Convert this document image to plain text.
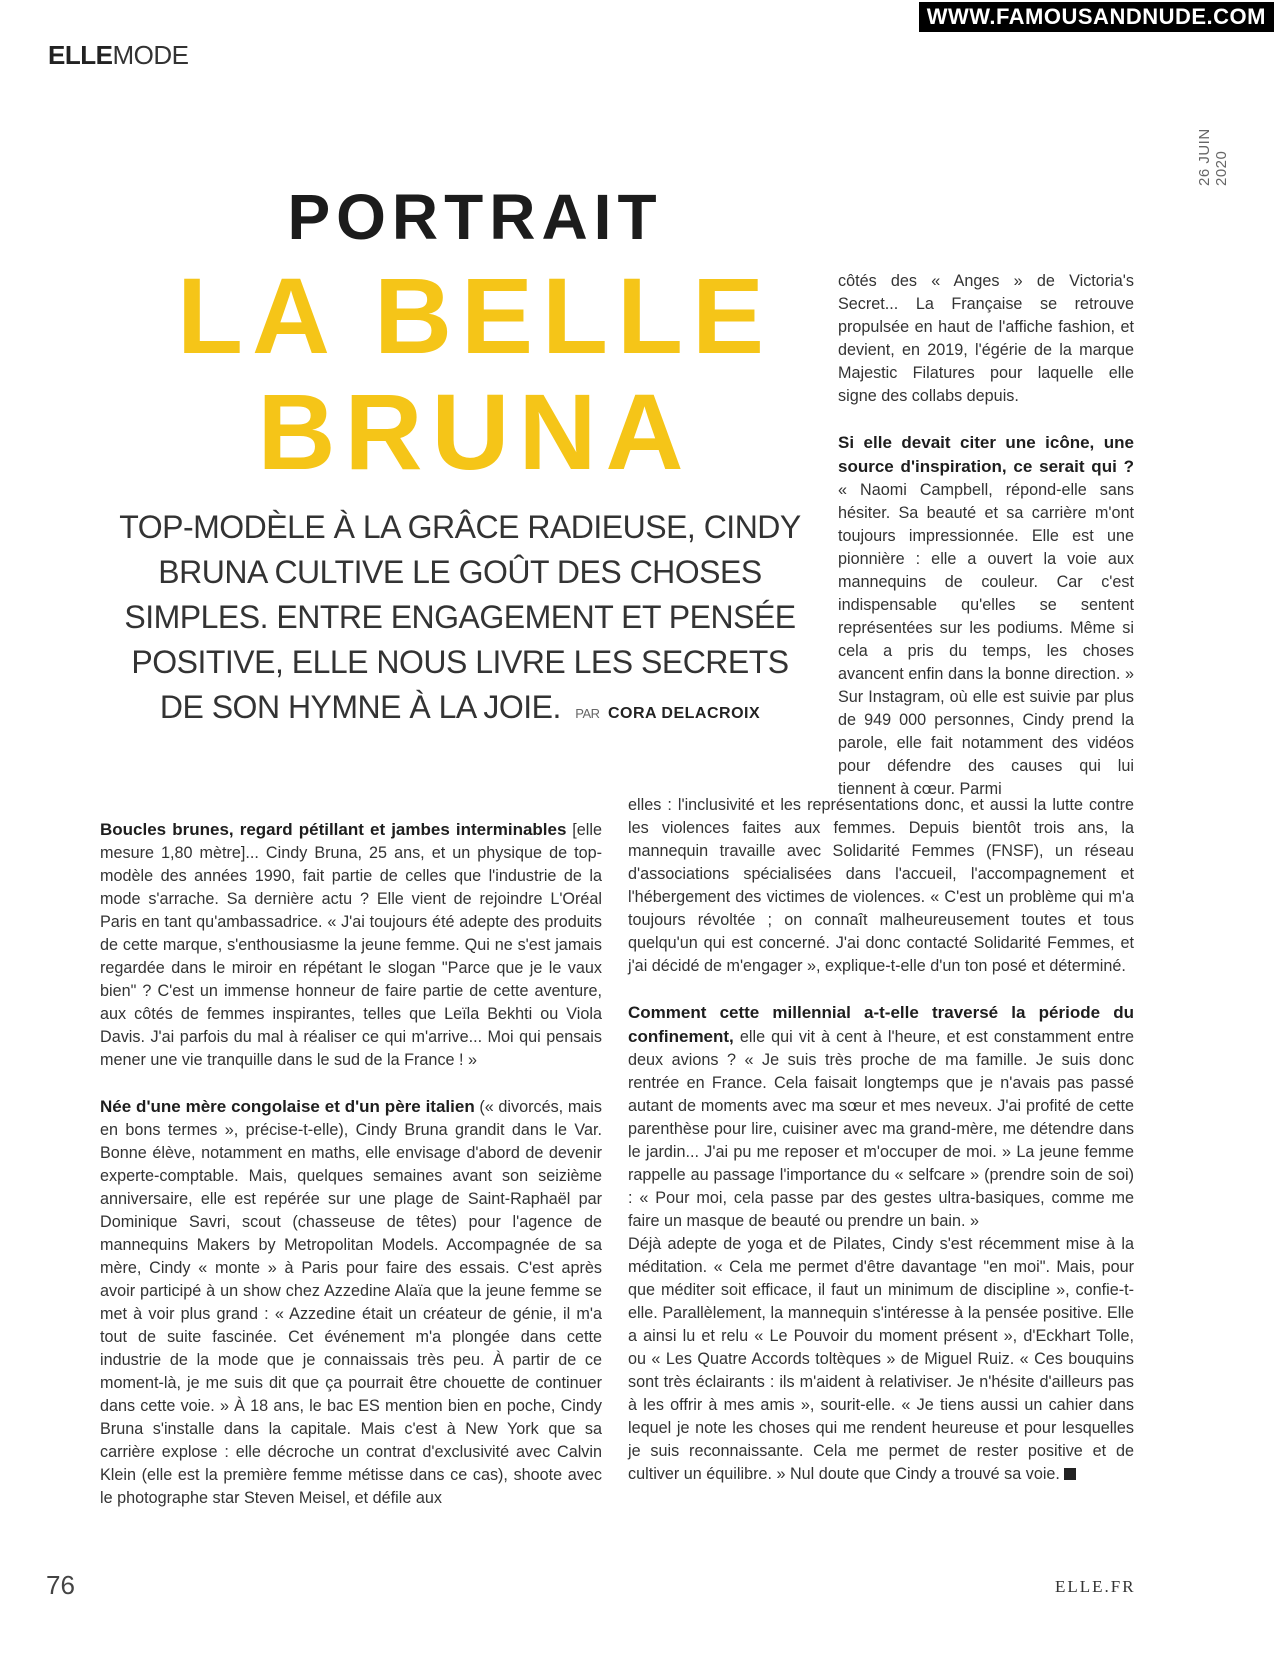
WWW.FAMOUSANDNUDE.COM
ELLEMODE
26 JUIN 2020
PORTRAIT
LA BELLE
BRUNA
TOP-MODÈLE À LA GRÂCE RADIEUSE, CINDY BRUNA CULTIVE LE GOÛT DES CHOSES SIMPLES. ENTRE ENGAGEMENT ET PENSÉE POSITIVE, ELLE NOUS LIVRE LES SECRETS DE SON HYMNE À LA JOIE. PAR CORA DELACROIX

côtés des « Anges » de Victoria's Secret... La Française se retrouve propulsée en haut de l'affiche fashion, et devient, en 2019, l'égérie de la marque Majestic Filatures pour laquelle elle signe des collabs depuis.

Si elle devait citer une icône, une source d'inspiration, ce serait qui ? « Naomi Campbell, répond-elle sans hésiter. Sa beauté et sa carrière m'ont toujours impressionnée. Elle est une pionnière : elle a ouvert la voie aux mannequins de couleur. Car c'est indispensable qu'elles se sentent représentées sur les podiums. Même si cela a pris du temps, les choses avancent enfin dans la bonne direction. » Sur Instagram, où elle est suivie par plus de 949 000 personnes, Cindy prend la parole, elle fait notamment des vidéos pour défendre des causes qui lui tiennent à cœur. Parmi

elles : l'inclusivité et les représentations donc, et aussi la lutte contre les violences faites aux femmes. Depuis bientôt trois ans, la mannequin travaille avec Solidarité Femmes (FNSF), un réseau d'associations spécialisées dans l'accueil, l'accompagnement et l'hébergement des victimes de violences. « C'est un problème qui m'a toujours révoltée ; on connaît malheureusement toutes et tous quelqu'un qui est concerné. J'ai donc contacté Solidarité Femmes, et j'ai décidé de m'engager », explique-t-elle d'un ton posé et déterminé.

Comment cette millennial a-t-elle traversé la période du confinement, elle qui vit à cent à l'heure, et est constamment entre deux avions ? « Je suis très proche de ma famille. Je suis donc rentrée en France. Cela faisait longtemps que je n'avais pas passé autant de moments avec ma sœur et mes neveux. J'ai profité de cette parenthèse pour lire, cuisiner avec ma grand-mère, me détendre dans le jardin... J'ai pu me reposer et m'occuper de moi. » La jeune femme rappelle au passage l'importance du « selfcare » (prendre soin de soi) : « Pour moi, cela passe par des gestes ultra-basiques, comme me faire un masque de beauté ou prendre un bain. »

Déjà adepte de yoga et de Pilates, Cindy s'est récemment mise à la méditation. « Cela me permet d'être davantage "en moi". Mais, pour que méditer soit efficace, il faut un minimum de discipline », confie-t-elle. Parallèlement, la mannequin s'intéresse à la pensée positive. Elle a ainsi lu et relu « Le Pouvoir du moment présent », d'Eckhart Tolle, ou « Les Quatre Accords toltèques » de Miguel Ruiz. « Ces bouquins sont très éclairants : ils m'aident à relativiser. Je n'hésite d'ailleurs pas à les offrir à mes amis », sourit-elle. « Je tiens aussi un cahier dans lequel je note les choses qui me rendent heureuse et pour lesquelles je suis reconnaissante. Cela me permet de rester positive et de cultiver un équilibre. » Nul doute que Cindy a trouvé sa voie.

Boucles brunes, regard pétillant et jambes interminables [elle mesure 1,80 mètre]... Cindy Bruna, 25 ans, et un physique de top-modèle des années 1990, fait partie de celles que l'industrie de la mode s'arrache. Sa dernière actu ? Elle vient de rejoindre L'Oréal Paris en tant qu'ambassadrice. « J'ai toujours été adepte des produits de cette marque, s'enthousiasme la jeune femme. Qui ne s'est jamais regardée dans le miroir en répétant le slogan "Parce que je le vaux bien" ? C'est un immense honneur de faire partie de cette aventure, aux côtés de femmes inspirantes, telles que Leïla Bekhti ou Viola Davis. J'ai parfois du mal à réaliser ce qui m'arrive... Moi qui pensais mener une vie tranquille dans le sud de la France ! »

Née d'une mère congolaise et d'un père italien (« divorcés, mais en bons termes », précise-t-elle), Cindy Bruna grandit dans le Var. Bonne élève, notamment en maths, elle envisage d'abord de devenir experte-comptable. Mais, quelques semaines avant son seizième anniversaire, elle est repérée sur une plage de Saint-Raphaël par Dominique Savri, scout (chasseuse de têtes) pour l'agence de mannequins Makers by Metropolitan Models. Accompagnée de sa mère, Cindy « monte » à Paris pour faire des essais. C'est après avoir participé à un show chez Azzedine Alaïa que la jeune femme se met à voir plus grand : « Azzedine était un créateur de génie, il m'a tout de suite fascinée. Cet événement m'a plongée dans cette industrie de la mode que je connaissais très peu. À partir de ce moment-là, je me suis dit que ça pourrait être chouette de continuer dans cette voie. » À 18 ans, le bac ES mention bien en poche, Cindy Bruna s'installe dans la capitale. Mais c'est à New York que sa carrière explose : elle décroche un contrat d'exclusivité avec Calvin Klein (elle est la première femme métisse dans ce cas), shoote avec le photographe star Steven Meisel, et défile aux

76	ELLE.FR
